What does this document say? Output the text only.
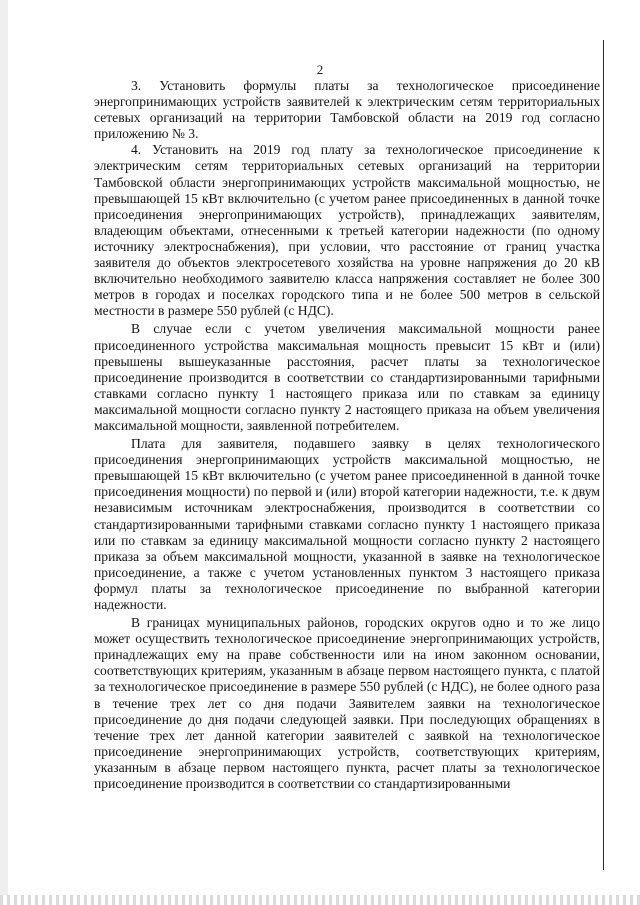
2

3. Установить формулы платы за технологическое присоединение энергопринимающих устройств заявителей к электрическим сетям территориальных сетевых организаций на территории Тамбовской области на 2019 год согласно приложению № 3.

4. Установить на 2019 год плату за технологическое присоединение к электрическим сетям территориальных сетевых организаций на территории Тамбовской области энергопринимающих устройств максимальной мощностью, не превышающей 15 кВт включительно (с учетом ранее присоединенных в данной точке присоединения энергопринимающих устройств), принадлежащих заявителям, владеющим объектами, отнесенными к третьей категории надежности (по одному источнику электроснабжения), при условии, что расстояние от границ участка заявителя до объектов электросетевого хозяйства на уровне напряжения до 20 кВ включительно необходимого заявителю класса напряжения составляет не более 300 метров в городах и поселках городского типа и не более 500 метров в сельской местности в размере 550 рублей (с НДС).

В случае если с учетом увеличения максимальной мощности ранее присоединенного устройства максимальная мощность превысит 15 кВт и (или) превышены вышеуказанные расстояния, расчет платы за технологическое присоединение производится в соответствии со стандартизированными тарифными ставками согласно пункту 1 настоящего приказа или по ставкам за единицу максимальной мощности согласно пункту 2 настоящего приказа на объем увеличения максимальной мощности, заявленной потребителем.

Плата для заявителя, подавшего заявку в целях технологического присоединения энергопринимающих устройств максимальной мощностью, не превышающей 15 кВт включительно (с учетом ранее присоединенной в данной точке присоединения мощности) по первой и (или) второй категории надежности, т.е. к двум независимым источникам электроснабжения, производится в соответствии со стандартизированными тарифными ставками согласно пункту 1 настоящего приказа или по ставкам за единицу максимальной мощности согласно пункту 2 настоящего приказа за объем максимальной мощности, указанной в заявке на технологическое присоединение, а также с учетом установленных пунктом 3 настоящего приказа формул платы за технологическое присоединение по выбранной категории надежности.

В границах муниципальных районов, городских округов одно и то же лицо может осуществить технологическое присоединение энергопринимающих устройств, принадлежащих ему на праве собственности или на ином законном основании, соответствующих критериям, указанным в абзаце первом настоящего пункта, с платой за технологическое присоединение в размере 550 рублей (с НДС), не более одного раза в течение трех лет со дня подачи Заявителем заявки на технологическое присоединение до дня подачи следующей заявки. При последующих обращениях в течение трех лет данной категории заявителей с заявкой на технологическое присоединение энергопринимающих устройств, соответствующих критериям, указанным в абзаце первом настоящего пункта, расчет платы за технологическое присоединение производится в соответствии со стандартизированными
